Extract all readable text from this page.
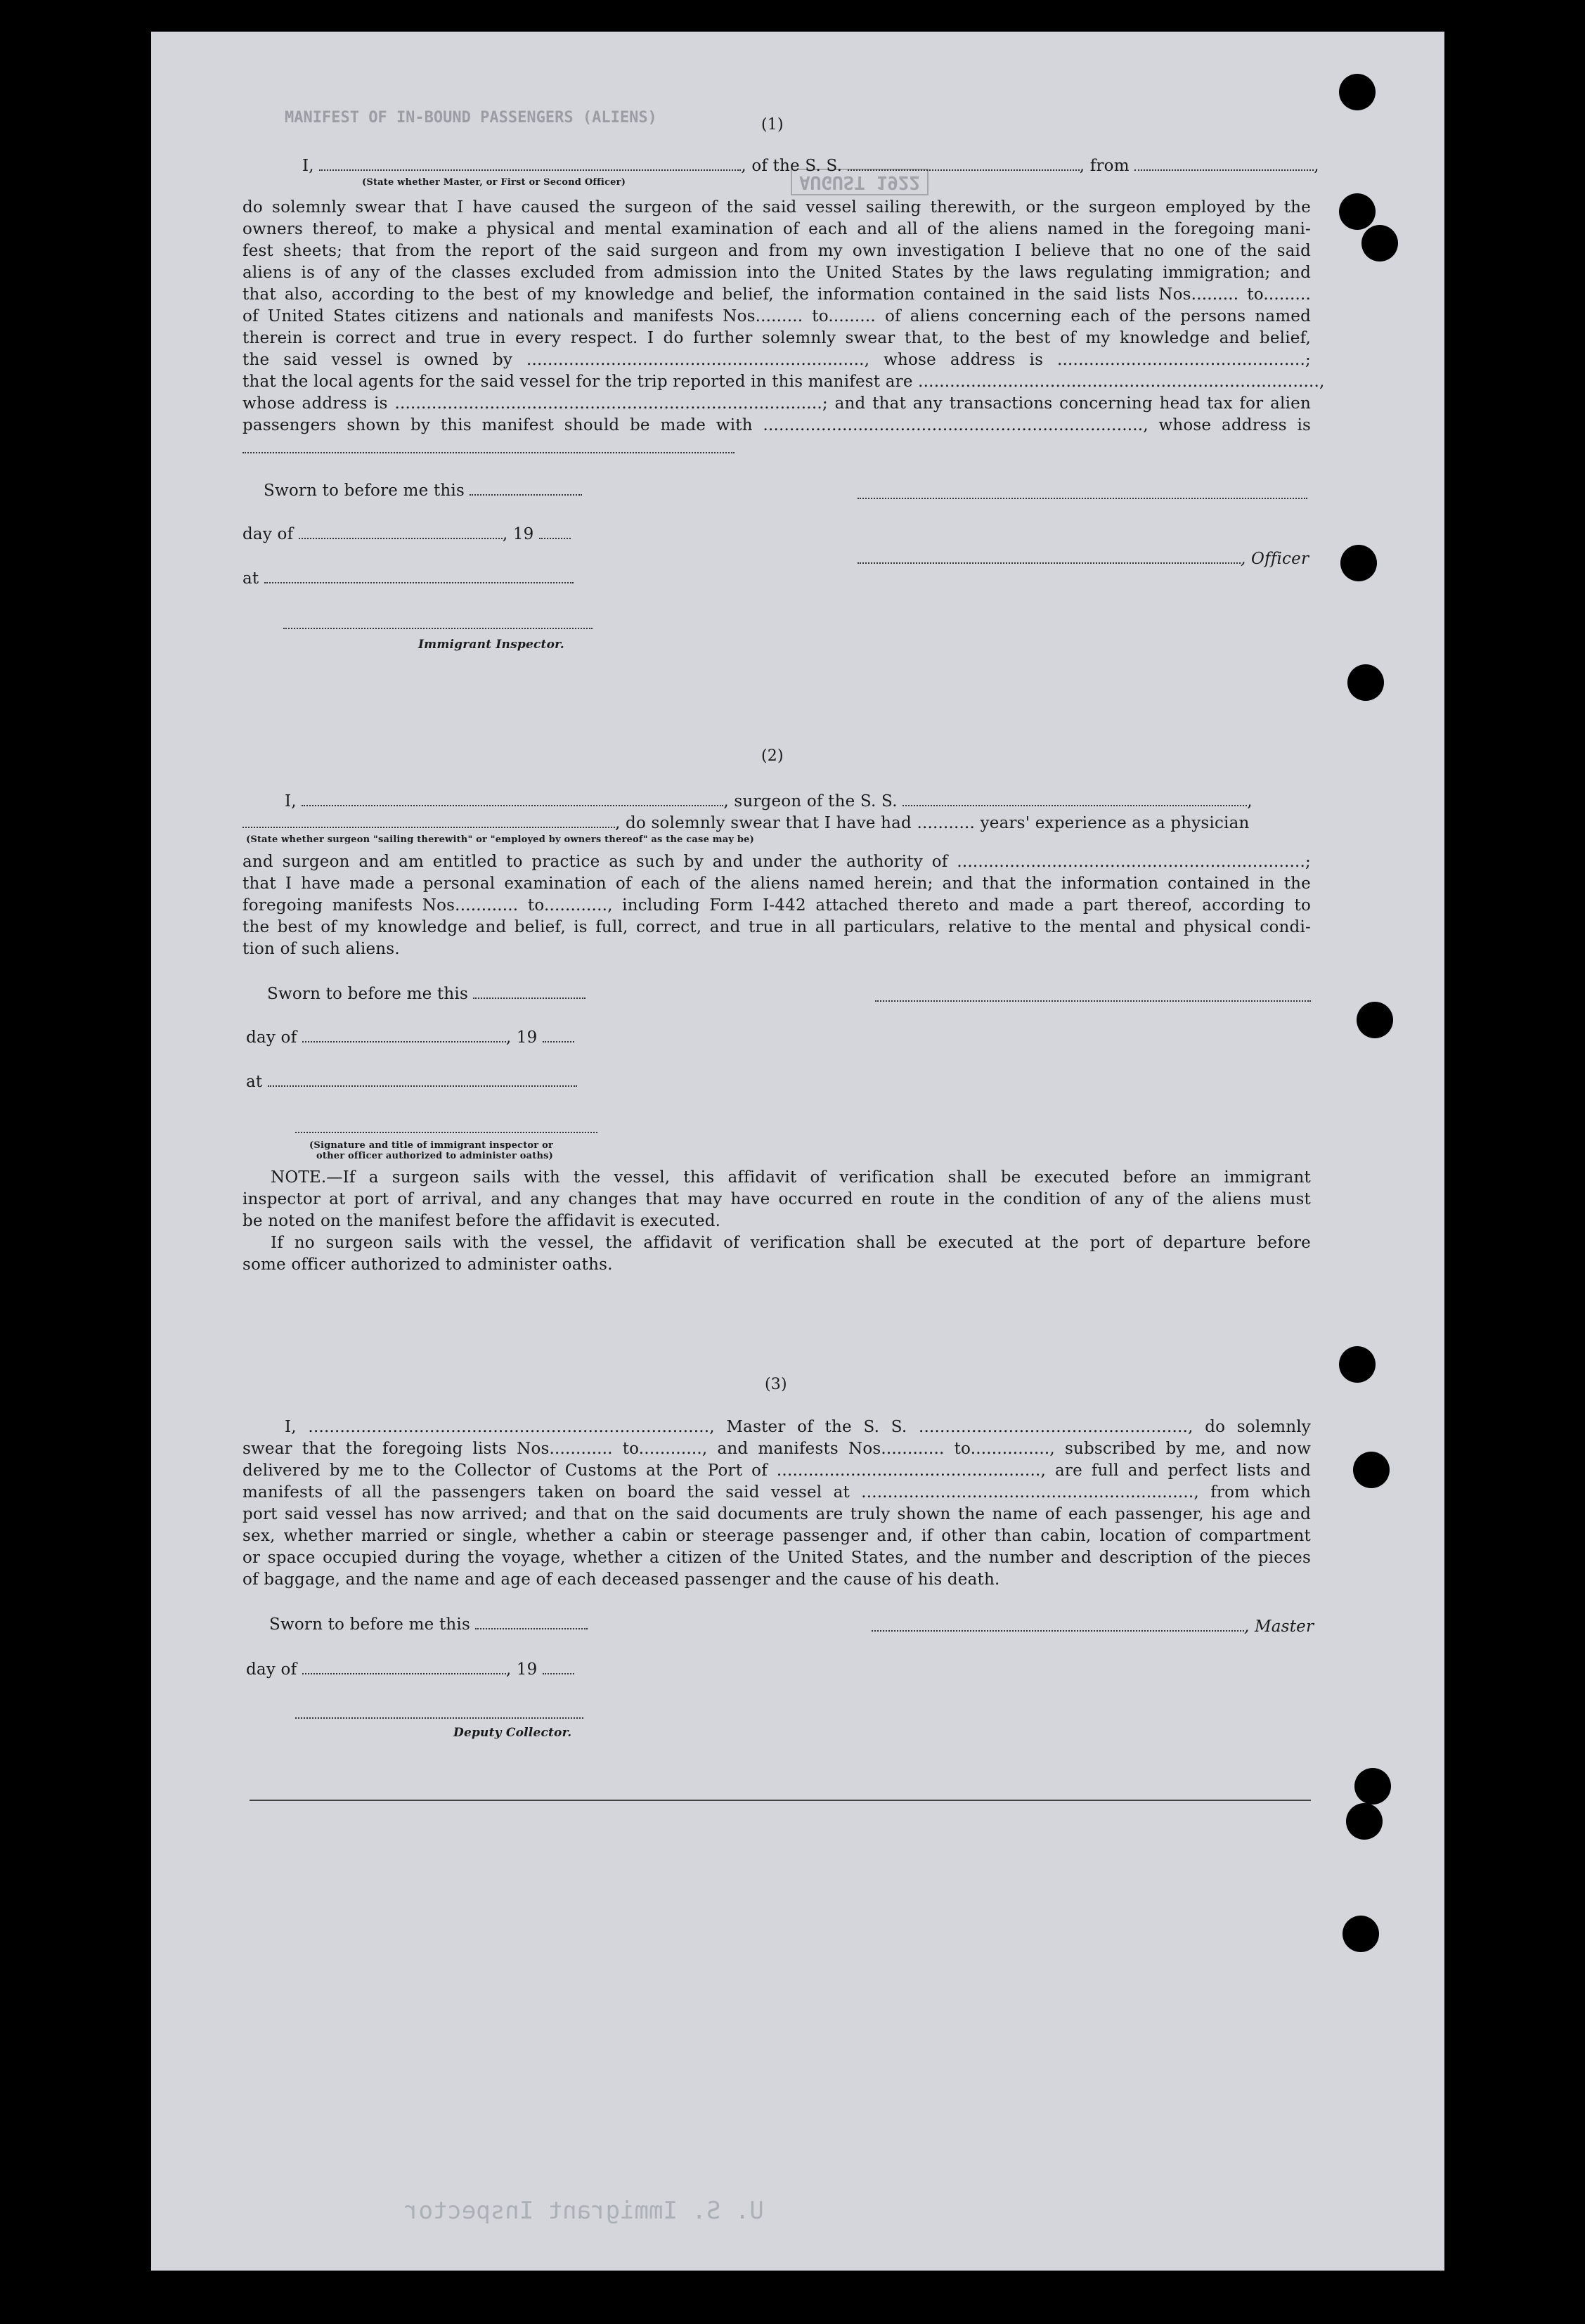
MANIFEST OF IN-BOUND PASSENGERS (ALIENS)
AUGUST 1922
U. S. Immigrant Inspector
(1)
I,	, of the S. S.	, from	,
(State whether Master, or First or Second Officer)
do solemnly swear that I have caused the surgeon of the said vessel sailing therewith, or the surgeon employed by the
owners thereof, to make a physical and mental examination of each and all of the aliens named in the foregoing mani-
fest sheets; that from the report of the said surgeon and from my own investigation I believe that no one of the said
aliens is of any of the classes excluded from admission into the United States by the laws regulating immigration; and
that also, according to the best of my knowledge and belief, the information contained in the said lists Nos......... to.........
of United States citizens and nationals and manifests Nos......... to......... of aliens concerning each of the persons named
therein is correct and true in every respect. I do further solemnly swear that, to the best of my knowledge and belief,
the said vessel is owned by ................................................................, whose address is ...............................................;
that the local agents for the said vessel for the trip reported in this manifest are ............................................................................,
whose address is .................................................................................; and that any transactions concerning head tax for alien
passengers shown by this manifest should be made with ........................................................................, whose address is
Sworn to before me this
day of	, 19
, Officer
at
Immigrant Inspector.
(2)
I,	, surgeon of the S. S.	,
, do solemnly swear that I have had ........... years' experience as a physician
(State whether surgeon "sailing therewith" or "employed by owners thereof" as the case may be)
and surgeon and am entitled to practice as such by and under the authority of ..................................................................;
that I have made a personal examination of each of the aliens named herein; and that the information contained in the
foregoing manifests Nos............ to............, including Form I-442 attached thereto and made a part thereof, according to
the best of my knowledge and belief, is full, correct, and true in all particulars, relative to the mental and physical condi-
tion of such aliens.
Sworn to before me this
day of	, 19
at
(Signature and title of immigrant inspector or
other officer authorized to administer oaths)
NOTE.—If a surgeon sails with the vessel, this affidavit of verification shall be executed before an immigrant
inspector at port of arrival, and any changes that may have occurred en route in the condition of any of the aliens must
be noted on the manifest before the affidavit is executed.
If no surgeon sails with the vessel, the affidavit of verification shall be executed at the port of departure before
some officer authorized to administer oaths.
(3)
I, ............................................................................, Master of the S. S. ..................................................., do solemnly
swear that the foregoing lists Nos............ to............, and manifests Nos............ to..............., subscribed by me, and now
delivered by me to the Collector of Customs at the Port of .................................................., are full and perfect lists and
manifests of all the passengers taken on board the said vessel at ..............................................................., from which
port said vessel has now arrived; and that on the said documents are truly shown the name of each passenger, his age and
sex, whether married or single, whether a cabin or steerage passenger and, if other than cabin, location of compartment
or space occupied during the voyage, whether a citizen of the United States, and the number and description of the pieces
of baggage, and the name and age of each deceased passenger and the cause of his death.
Sworn to before me this	, Master
day of	, 19
Deputy Collector.
